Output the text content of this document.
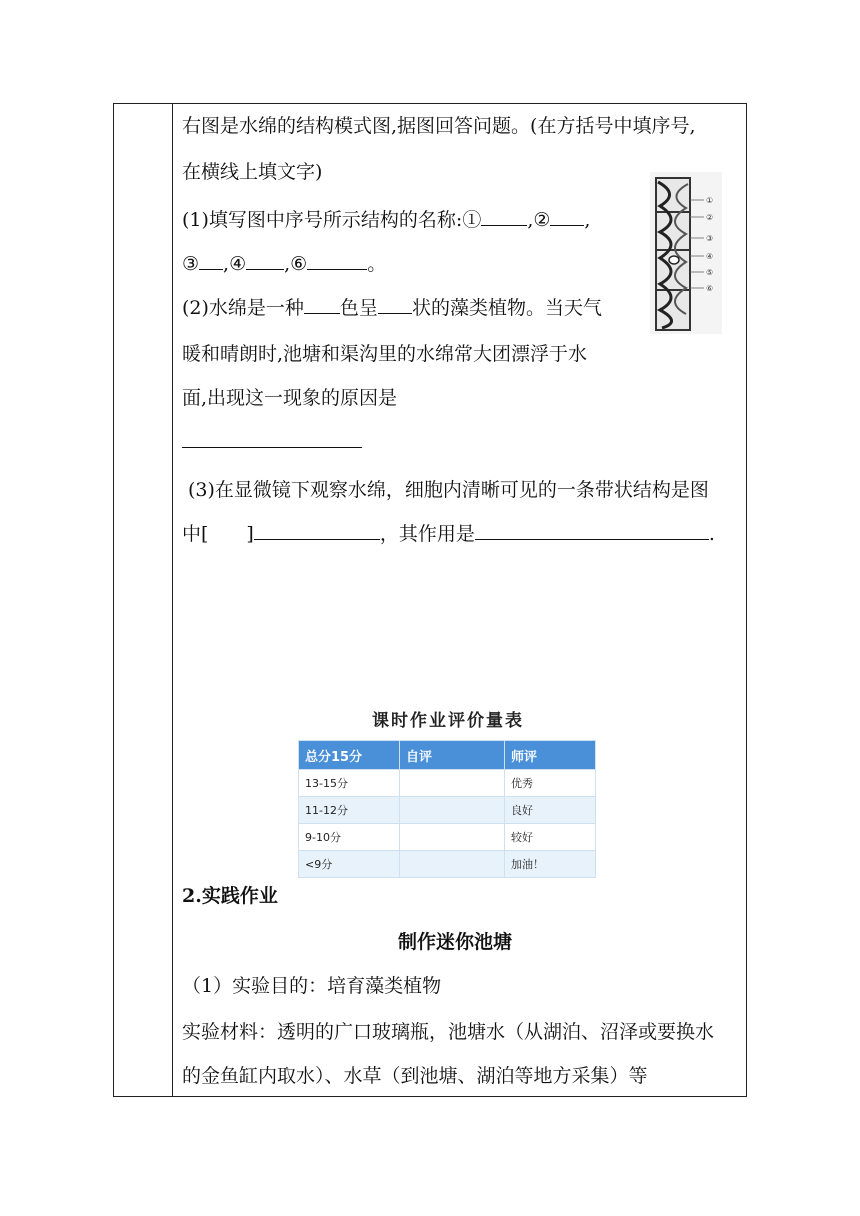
右图是水绵的结构模式图,据图回答问题。(在方括号中填序号,
在横线上填文字)
(1)填写图中序号所示结构的名称:① ,② ,
③ ,④ ,⑥	。
(2)水绵是一种 色呈 状的藻类植物。当天气
暖和晴朗时,池塘和渠沟里的水绵常大团漂浮于水
面,出现这一现象的原因是
(3)在显微镜下观察水绵，细胞内清晰可见的一条带状结构是图
中[　　]	，其作用是	.
①
②
③
④
⑤
⑥
课时作业评价量表
总分15分	自评	师评
13-15分		优秀
11-12分		良好
9-10分		较好
<9分		加油！
2.实践作业
制作迷你池塘
（1）实验目的：培育藻类植物
实验材料：透明的广口玻璃瓶，池塘水（从湖泊、沼泽或要换水
的金鱼缸内取水）、水草（到池塘、湖泊等地方采集）等
